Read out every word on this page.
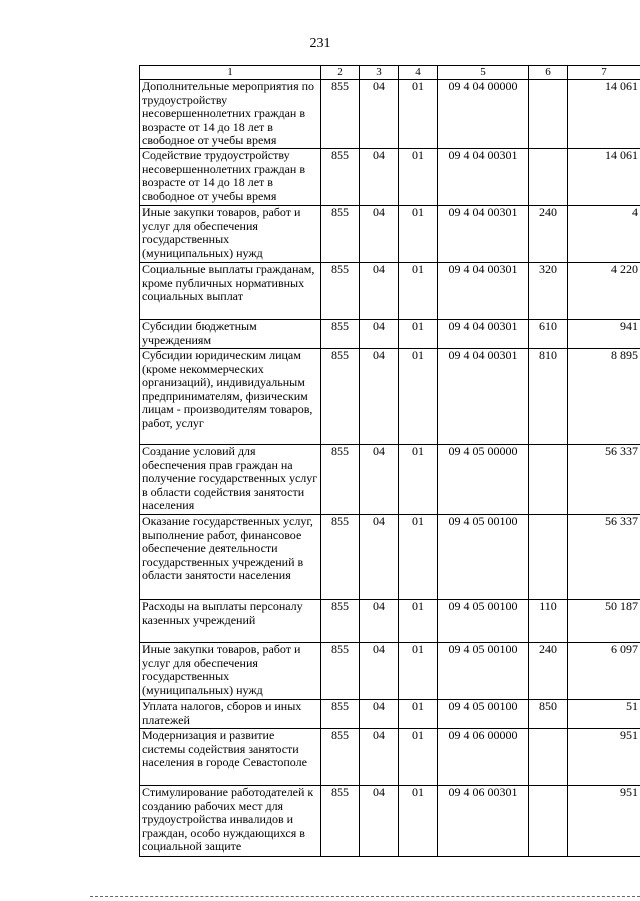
231
1	2	3	4	5	6	7
Дополнительные мероприятия по трудоустройству несовершеннолетних граждан в возрасте от 14 до 18 лет в свободное от учебы время	855	04	01	09 4 04 00000		14 061
Содействие трудоустройству несовершеннолетних граждан в возрасте от 14 до 18 лет в свободное от учебы время	855	04	01	09 4 04 00301		14 061
Иные закупки товаров, работ и услуг для обеспечения государственных (муниципальных) нужд	855	04	01	09 4 04 00301	240	4
Социальные выплаты гражданам, кроме публичных нормативных социальных выплат	855	04	01	09 4 04 00301	320	4 220
Субсидии бюджетным учреждениям	855	04	01	09 4 04 00301	610	941
Субсидии юридическим лицам (кроме некоммерческих организаций), индивидуальным предпринимателям, физическим лицам - производителям товаров, работ, услуг	855	04	01	09 4 04 00301	810	8 895
Создание условий для обеспечения прав граждан на получение государственных услуг в области содействия занятости населения	855	04	01	09 4 05 00000		56 337
Оказание государственных услуг, выполнение работ, финансовое обеспечение деятельности государственных учреждений в области занятости населения	855	04	01	09 4 05 00100		56 337
Расходы на выплаты персоналу казенных учреждений	855	04	01	09 4 05 00100	110	50 187
Иные закупки товаров, работ и услуг для обеспечения государственных (муниципальных) нужд	855	04	01	09 4 05 00100	240	6 097
Уплата налогов, сборов и иных платежей	855	04	01	09 4 05 00100	850	51
Модернизация и развитие системы содействия занятости населения в городе Севастополе	855	04	01	09 4 06 00000		951
Стимулирование работодателей к созданию рабочих мест для трудоустройства инвалидов и граждан, особо нуждающихся в социальной защите	855	04	01	09 4 06 00301		951
